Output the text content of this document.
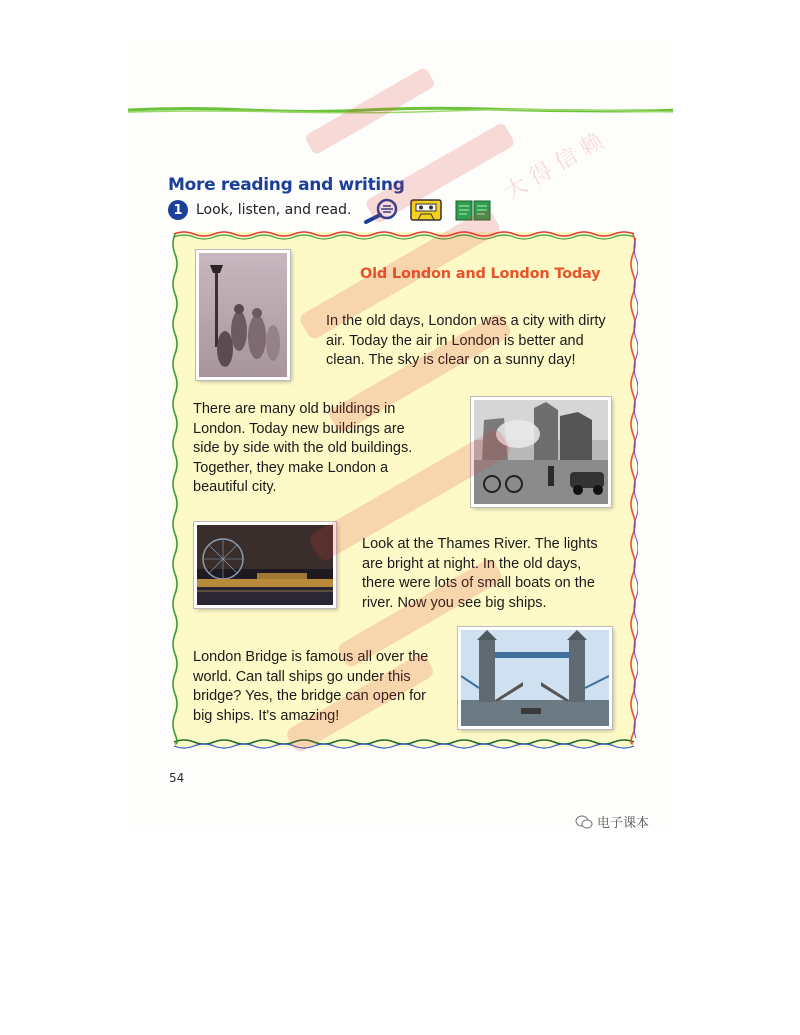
More reading and writing
1 Look, listen, and read.
Old London and London Today

In the old days, London was a city with dirty
air. Today the air in London is better and
clean. The sky is clear on a sunny day!

There are many old buildings in
London. Today new buildings are
side by side with the old buildings.
Together, they make London a
beautiful city.

Look at the Thames River. The lights
are bright at night. In the old days,
there were lots of small boats on the
river. Now you see big ships.

London Bridge is famous all over the
world. Can tall ships go under this
bridge? Yes, the bridge can open for
big ships. It's amazing!

54
电子课本
